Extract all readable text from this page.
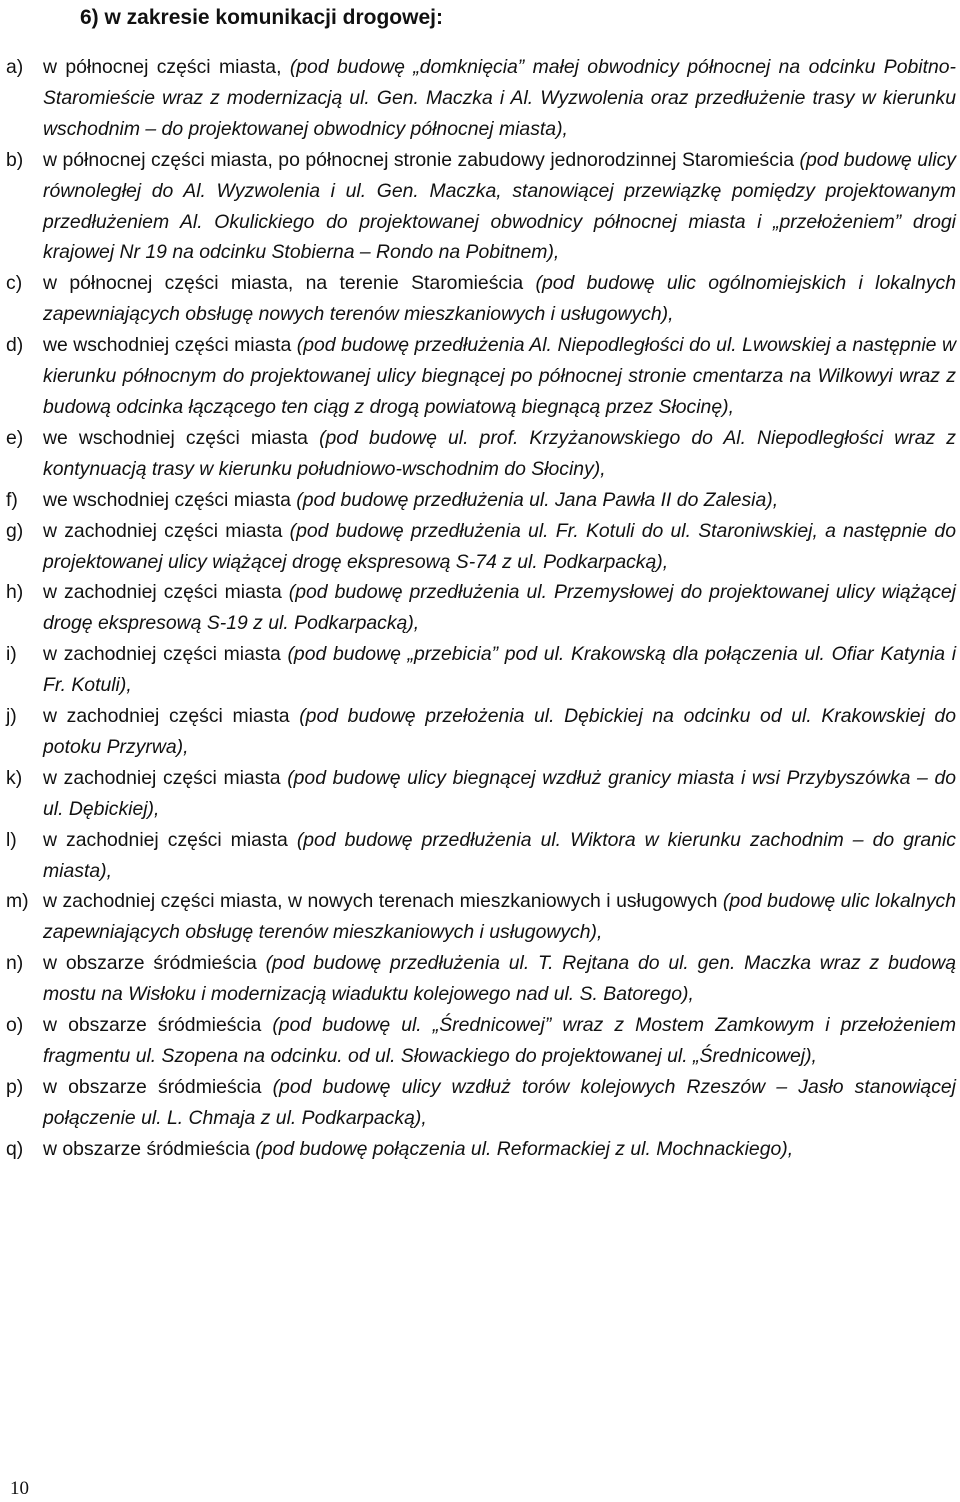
6) w zakresie komunikacji drogowej:
a) w północnej części miasta, (pod budowę „domknięcia” małej obwodnicy północnej na odcinku Pobitno-Staromieście wraz z modernizacją ul. Gen. Maczka i Al. Wyzwolenia oraz przedłużenie trasy w kierunku wschodnim – do projektowanej obwodnicy północnej miasta),
b) w północnej części miasta, po północnej stronie zabudowy jednorodzinnej Staromieścia (pod budowę ulicy równoległej do Al. Wyzwolenia i ul. Gen. Maczka, stanowiącej przewiązkę pomiędzy projektowanym przedłużeniem Al. Okulickiego do projektowanej obwodnicy północnej miasta i „przełożeniem” drogi krajowej Nr 19 na odcinku Stobierna – Rondo na Pobitnem),
c) w północnej części miasta, na terenie Staromieścia (pod budowę ulic ogólnomiejskich i lokalnych zapewniających obsługę nowych terenów mieszkaniowych i usługowych),
d) we wschodniej części miasta (pod budowę przedłużenia Al. Niepodległości do ul. Lwowskiej a następnie w kierunku północnym do projektowanej ulicy biegnącej po północnej stronie cmentarza na Wilkowyi wraz z budową odcinka łączącego ten ciąg z drogą powiatową biegnącą przez Słocinę),
e) we wschodniej części miasta (pod budowę ul. prof. Krzyżanowskiego do Al. Niepodległości wraz z kontynuacją trasy w kierunku południowo-wschodnim do Słociny),
f) we wschodniej części miasta (pod budowę przedłużenia ul. Jana Pawła II do Zalesia),
g) w zachodniej części miasta (pod budowę przedłużenia ul. Fr. Kotuli do ul. Staroniwskiej, a następnie do projektowanej ulicy wiążącej drogę ekspresową S-74 z ul. Podkarpacką),
h) w zachodniej części miasta (pod budowę przedłużenia ul. Przemysłowej do projektowanej ulicy wiążącej drogę ekspresową S-19 z ul. Podkarpacką),
i) w zachodniej części miasta (pod budowę „przebicia” pod ul. Krakowską dla połączenia ul. Ofiar Katynia i Fr. Kotuli),
j) w zachodniej części miasta (pod budowę przełożenia ul. Dębickiej na odcinku od ul. Krakowskiej do potoku Przyrwa),
k) w zachodniej części miasta (pod budowę ulicy biegnącej wzdłuż granicy miasta i wsi Przybyszówka – do ul. Dębickiej),
l) w zachodniej części miasta (pod budowę przedłużenia ul. Wiktora w kierunku zachodnim – do granic miasta),
m) w zachodniej części miasta, w nowych terenach mieszkaniowych i usługowych (pod budowę ulic lokalnych zapewniających obsługę terenów mieszkaniowych i usługowych),
n) w obszarze śródmieścia (pod budowę przedłużenia ul. T. Rejtana do ul. gen. Maczka wraz z budową mostu na Wisłoku i modernizacją wiaduktu kolejowego nad ul. S. Batorego),
o) w obszarze śródmieścia (pod budowę ul. „Średnicowej” wraz z Mostem Zamkowym i przełożeniem fragmentu ul. Szopena na odcinku. od ul. Słowackiego do projektowanej ul. „Średnicowej),
p) w obszarze śródmieścia (pod budowę ulicy wzdłuż torów kolejowych Rzeszów – Jasło stanowiącej połączenie ul. L. Chmaja z ul. Podkarpacką),
q) w obszarze śródmieścia (pod budowę połączenia ul. Reformackiej z ul. Mochnackiego),
10
